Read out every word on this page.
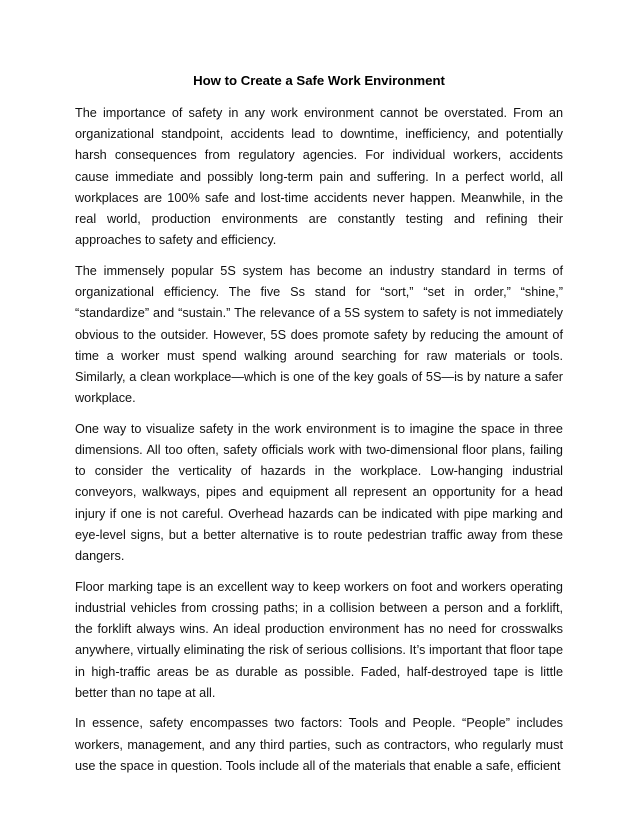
How to Create a Safe Work Environment

The importance of safety in any work environment cannot be overstated. From an organizational standpoint, accidents lead to downtime, inefficiency, and potentially harsh consequences from regulatory agencies. For individual workers, accidents cause immediate and possibly long-term pain and suffering. In a perfect world, all workplaces are 100% safe and lost-time accidents never happen. Meanwhile, in the real world, production environments are constantly testing and refining their approaches to safety and efficiency.

The immensely popular 5S system has become an industry standard in terms of organizational efficiency. The five Ss stand for “sort,” “set in order,” “shine,” “standardize” and “sustain.” The relevance of a 5S system to safety is not immediately obvious to the outsider. However, 5S does promote safety by reducing the amount of time a worker must spend walking around searching for raw materials or tools. Similarly, a clean workplace—which is one of the key goals of 5S—is by nature a safer workplace.

One way to visualize safety in the work environment is to imagine the space in three dimensions. All too often, safety officials work with two-dimensional floor plans, failing to consider the verticality of hazards in the workplace. Low-hanging industrial conveyors, walkways, pipes and equipment all represent an opportunity for a head injury if one is not careful. Overhead hazards can be indicated with pipe marking and eye-level signs, but a better alternative is to route pedestrian traffic away from these dangers.

Floor marking tape is an excellent way to keep workers on foot and workers operating industrial vehicles from crossing paths; in a collision between a person and a forklift, the forklift always wins. An ideal production environment has no need for crosswalks anywhere, virtually eliminating the risk of serious collisions. It’s important that floor tape in high-traffic areas be as durable as possible. Faded, half-destroyed tape is little better than no tape at all.

In essence, safety encompasses two factors: Tools and People. “People” includes workers, management, and any third parties, such as contractors, who regularly must use the space in question. Tools include all of the materials that enable a safe, efficient
